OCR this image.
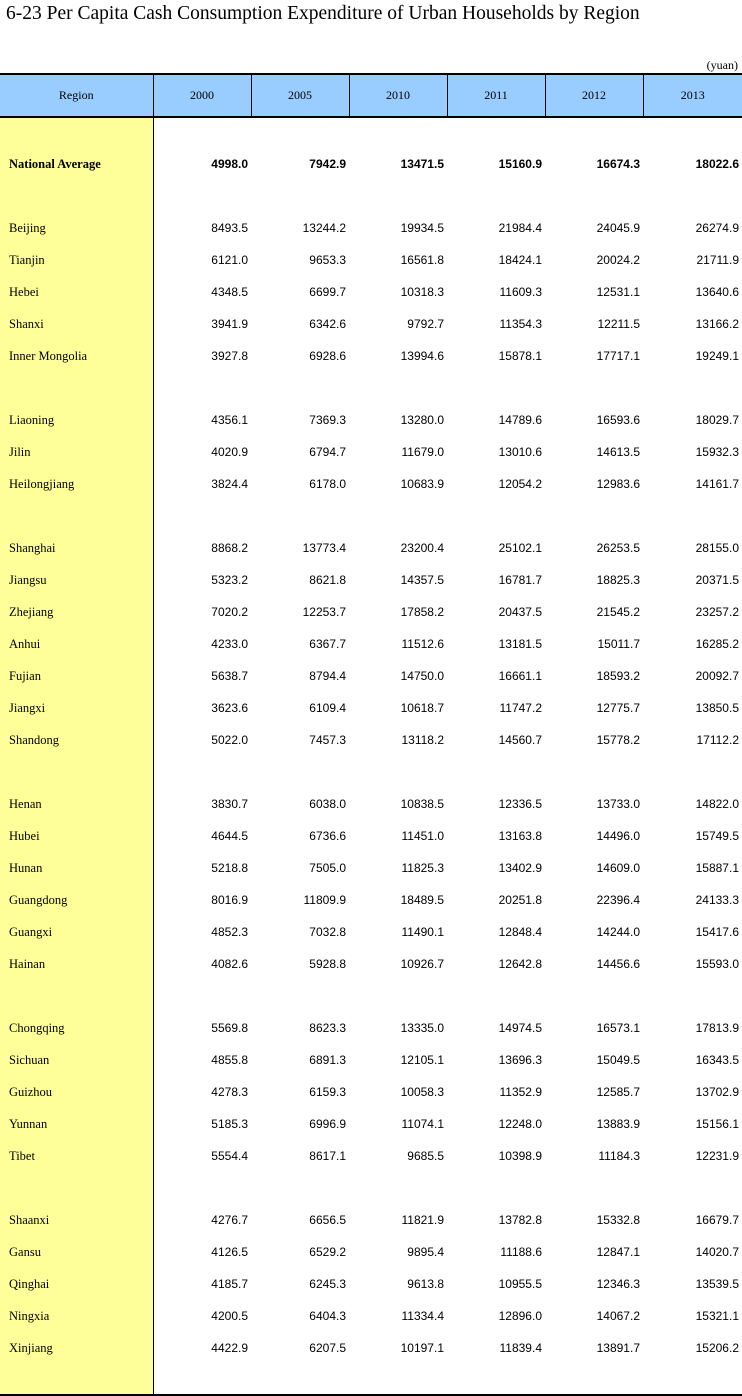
6-23 Per Capita Cash Consumption Expenditure of Urban Households by Region
(yuan)
Region	2000	2005	2010	2011	2012	2013

National Average	4998.0	7942.9	13471.5	15160.9	16674.3	18022.6

Beijing	8493.5	13244.2	19934.5	21984.4	24045.9	26274.9
Tianjin	6121.0	9653.3	16561.8	18424.1	20024.2	21711.9
Hebei	4348.5	6699.7	10318.3	11609.3	12531.1	13640.6
Shanxi	3941.9	6342.6	9792.7	11354.3	12211.5	13166.2
Inner Mongolia	3927.8	6928.6	13994.6	15878.1	17717.1	19249.1

Liaoning	4356.1	7369.3	13280.0	14789.6	16593.6	18029.7
Jilin	4020.9	6794.7	11679.0	13010.6	14613.5	15932.3
Heilongjiang	3824.4	6178.0	10683.9	12054.2	12983.6	14161.7

Shanghai	8868.2	13773.4	23200.4	25102.1	26253.5	28155.0
Jiangsu	5323.2	8621.8	14357.5	16781.7	18825.3	20371.5
Zhejiang	7020.2	12253.7	17858.2	20437.5	21545.2	23257.2
Anhui	4233.0	6367.7	11512.6	13181.5	15011.7	16285.2
Fujian	5638.7	8794.4	14750.0	16661.1	18593.2	20092.7
Jiangxi	3623.6	6109.4	10618.7	11747.2	12775.7	13850.5
Shandong	5022.0	7457.3	13118.2	14560.7	15778.2	17112.2

Henan	3830.7	6038.0	10838.5	12336.5	13733.0	14822.0
Hubei	4644.5	6736.6	11451.0	13163.8	14496.0	15749.5
Hunan	5218.8	7505.0	11825.3	13402.9	14609.0	15887.1
Guangdong	8016.9	11809.9	18489.5	20251.8	22396.4	24133.3
Guangxi	4852.3	7032.8	11490.1	12848.4	14244.0	15417.6
Hainan	4082.6	5928.8	10926.7	12642.8	14456.6	15593.0

Chongqing	5569.8	8623.3	13335.0	14974.5	16573.1	17813.9
Sichuan	4855.8	6891.3	12105.1	13696.3	15049.5	16343.5
Guizhou	4278.3	6159.3	10058.3	11352.9	12585.7	13702.9
Yunnan	5185.3	6996.9	11074.1	12248.0	13883.9	15156.1
Tibet	5554.4	8617.1	9685.5	10398.9	11184.3	12231.9

Shaanxi	4276.7	6656.5	11821.9	13782.8	15332.8	16679.7
Gansu	4126.5	6529.2	9895.4	11188.6	12847.1	14020.7
Qinghai	4185.7	6245.3	9613.8	10955.5	12346.3	13539.5
Ningxia	4200.5	6404.3	11334.4	12896.0	14067.2	15321.1
Xinjiang	4422.9	6207.5	10197.1	11839.4	13891.7	15206.2
